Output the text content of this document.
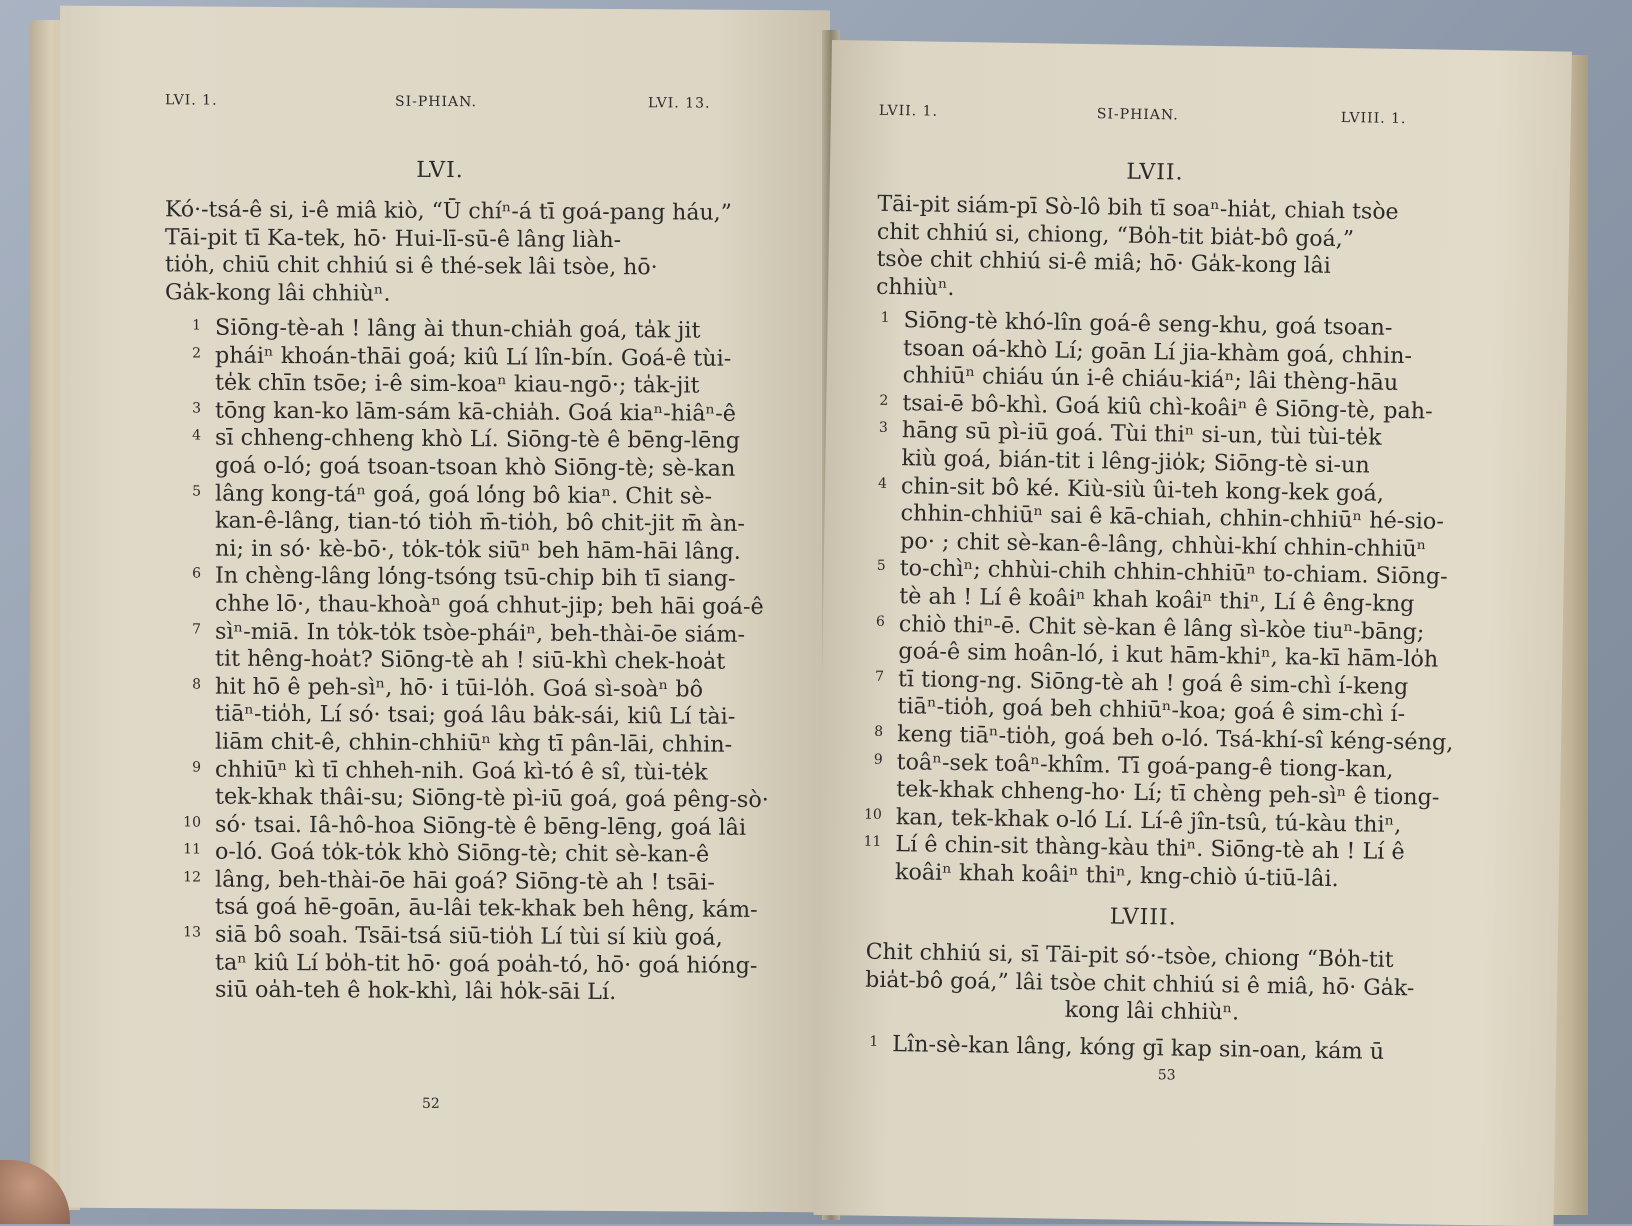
LVI. 1.	SI-PHIAN.	LVI. 13.
LVI.
Kó·-tsá-ê si, i-ê miâ kiò, “Ū chíⁿ-á tī goá-pang háu,”
Tāi-pit tī Ka-tek, hō· Hui-lī-sū-ê lâng liàh-
tio̍h, chiū chit chhiú si ê thé-sek lâi tsòe, hō·
Ga̍k-kong lâi chhiùⁿ.
1 Siōng-tè-ah ! lâng ài thun-chia̍h goá, ta̍k jit
2 pháiⁿ khoán-thāi goá; kiû Lí lîn-bín. Goá-ê tùi-
te̍k chīn tsōe; i-ê sim-koaⁿ kiau-ngō·; ta̍k-jit
3 tōng kan-ko lām-sám kā-chia̍h. Goá kiaⁿ-hiâⁿ-ê
4 sī chheng-chheng khò Lí. Siōng-tè ê bēng-lēng
goá o-ló; goá tsoan-tsoan khò Siōng-tè; sè-kan
5 lâng kong-táⁿ goá, goá ló̍ng bô kiaⁿ. Chit sè-
kan-ê-lâng, tian-tó tio̍h m̄-tio̍h, bô chit-jit m̄ àn-
ni; in só· kè-bō·, to̍k-to̍k siūⁿ beh hām-hāi lâng.
6 In chèng-lâng ló̍ng-tsóng tsū-chip bih tī siang-
chhe lō·, thau-khoàⁿ goá chhut-jip; beh hāi goá-ê
7 sìⁿ-miā. In to̍k-to̍k tsòe-pháiⁿ, beh-thài-ōe siám-
tit hêng-hoa̍t? Siōng-tè ah ! siū-khì chek-hoa̍t
8 hit hō ê peh-sìⁿ, hō· i tūi-lo̍h. Goá sì-soàⁿ bô
tiāⁿ-tio̍h, Lí só· tsai; goá lâu ba̍k-sái, kiû Lí tài-
liām chit-ê, chhin-chhiūⁿ kǹg tī pân-lāi, chhin-
9 chhiūⁿ kì tī chheh-nih. Goá kì-tó ê sî, tùi-te̍k
tek-khak thâi-su; Siōng-tè pì-iū goá, goá pêng-sò·
10 só· tsai. Iâ-hô-hoa Siōng-tè ê bēng-lēng, goá lâi
11 o-ló. Goá to̍k-to̍k khò Siōng-tè; chit sè-kan-ê
12 lâng, beh-thài-ōe hāi goá? Siōng-tè ah ! tsāi-
tsá goá hē-goān, āu-lâi tek-khak beh hêng, kám-
13 siā bô soah. Tsāi-tsá siū-tio̍h Lí tùi sí kiù goá,
taⁿ kiû Lí bo̍h-tit hō· goá poa̍h-tó, hō· goá hióng-
siū oa̍h-teh ê hok-khì, lâi ho̍k-sāi Lí.
52
LVII. 1.	SI-PHIAN.	LVIII. 1.
LVII.
Tāi-pit siám-pī Sò-lô bih tī soaⁿ-hia̍t, chiah tsòe
chit chhiú si, chiong, “Bo̍h-tit bia̍t-bô goá,”
tsòe chit chhiú si-ê miâ; hō· Ga̍k-kong lâi
chhiùⁿ.
1 Siōng-tè khó-lîn goá-ê seng-khu, goá tsoan-
tsoan oá-khò Lí; goān Lí jia-khàm goá, chhin-
chhiūⁿ chiáu ún i-ê chiáu-kiáⁿ; lâi thèng-hāu
2 tsai-ē bô-khì. Goá kiû chì-koâiⁿ ê Siōng-tè, pah-
3 hāng sū pì-iū goá. Tùi thiⁿ si-un, tùi tùi-te̍k
kiù goá, bián-tit i lêng-jio̍k; Siōng-tè si-un
4 chin-sit bô ké. Kiù-siù ûi-teh kong-kek goá,
chhin-chhiūⁿ sai ê kā-chiah, chhin-chhiūⁿ hé-sio-
po· ; chit sè-kan-ê-lâng, chhùi-khí chhin-chhiūⁿ
5 to-chìⁿ; chhùi-chih chhin-chhiūⁿ to-chiam. Siōng-
tè ah ! Lí ê koâiⁿ khah koâiⁿ thiⁿ, Lí ê êng-kng
6 chiò thiⁿ-ē. Chit sè-kan ê lâng sì-kòe tiuⁿ-bāng;
goá-ê sim hoân-ló, i kut hām-khiⁿ, ka-kī hām-lo̍h
7 tī tiong-ng. Siōng-tè ah ! goá ê sim-chì í-keng
tiāⁿ-tio̍h, goá beh chhiūⁿ-koa; goá ê sim-chì í-
8 keng tiāⁿ-tio̍h, goá beh o-ló. Tsá-khí-sî kéng-séng,
9 toâⁿ-sek toâⁿ-khîm. Tī goá-pang-ê tiong-kan,
tek-khak chheng-ho· Lí; tī chèng peh-sìⁿ ê tiong-
10 kan, tek-khak o-ló Lí. Lí-ê jîn-tsû, tú-kàu thiⁿ,
11 Lí ê chin-sit thàng-kàu thiⁿ. Siōng-tè ah ! Lí ê
koâiⁿ khah koâiⁿ thiⁿ, kng-chiò ú-tiū-lâi.
LVIII.
Chit chhiú si, sī Tāi-pit só·-tsòe, chiong “Bo̍h-tit
bia̍t-bô goá,” lâi tsòe chit chhiú si ê miâ, hō· Ga̍k-
kong lâi chhiùⁿ.
1 Lîn-sè-kan lâng, kóng gī kap sin-oan, kám ū
53
